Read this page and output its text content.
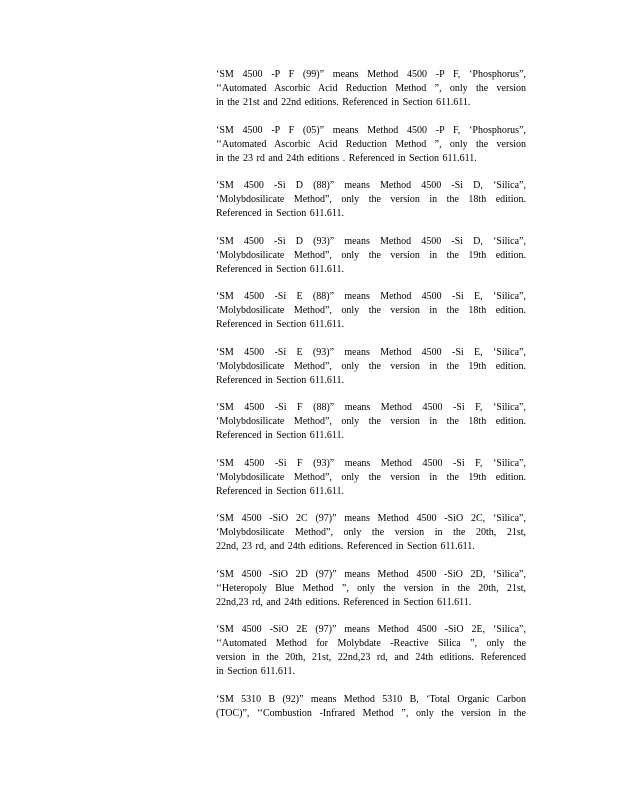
‘SM 4500 -P F (99)” means Method 4500 -P F, ‘Phosphorus”,
‘‘Automated Ascorbic Acid Reduction Method ”, only the version
in the 21st and 22nd editions. Referenced in Section 611.611.

‘SM 4500 -P F (05)” means Method 4500 -P F, ‘Phosphorus”,
‘‘Automated Ascorbic Acid Reduction Method ”, only the version
in the 23 rd and 24th editions . Referenced in Section 611.611.

‘SM 4500 -Si D (88)” means Method 4500 -Si D, ‘Silica”,
‘Molybdosilicate Method”, only the version in the 18th edition.
Referenced in Section 611.611.

‘SM 4500 -Si D (93)” means Method 4500 -Si D, ‘Silica”,
‘Molybdosilicate Method”, only the version in the 19th edition.
Referenced in Section 611.611.

‘SM 4500 -Si E (88)” means Method 4500 -Si E, ‘Silica”,
‘Molybdosilicate Method”, only the version in the 18th edition.
Referenced in Section 611.611.

‘SM 4500 -Si E (93)” means Method 4500 -Si E, ‘Silica”,
‘Molybdosilicate Method”, only the version in the 19th edition.
Referenced in Section 611.611.

‘SM 4500 -Si F (88)” means Method 4500 -Si F, ‘Silica”,
‘Molybdosilicate Method”, only the version in the 18th edition.
Referenced in Section 611.611.

‘SM 4500 -Si F (93)” means Method 4500 -Si F, ‘Silica”,
‘Molybdosilicate Method”, only the version in the 19th edition.
Referenced in Section 611.611.

‘SM 4500 -SiO 2C (97)” means Method 4500 -SiO 2C, ‘Silica”,
‘Molybdosilicate Method”, only the version in the 20th, 21st,
22nd, 23 rd, and 24th editions. Referenced in Section 611.611.

‘SM 4500 -SiO 2D (97)” means Method 4500 -SiO 2D, ‘Silica”,
‘‘Heteropoly Blue Method ”, only the version in the 20th, 21st,
22nd,23 rd, and 24th editions. Referenced in Section 611.611.

‘SM 4500 -SiO 2E (97)” means Method 4500 -SiO 2E, ‘Silica”,
‘‘Automated Method for Molybdate -Reactive Silica ”, only the
version in the 20th, 21st, 22nd,23 rd, and 24th editions. Referenced
in Section 611.611.

‘SM 5310 B (92)” means Method 5310 B, ‘Total Organic Carbon
(TOC)”, ‘‘Combustion -Infrared Method ”, only the version in the
